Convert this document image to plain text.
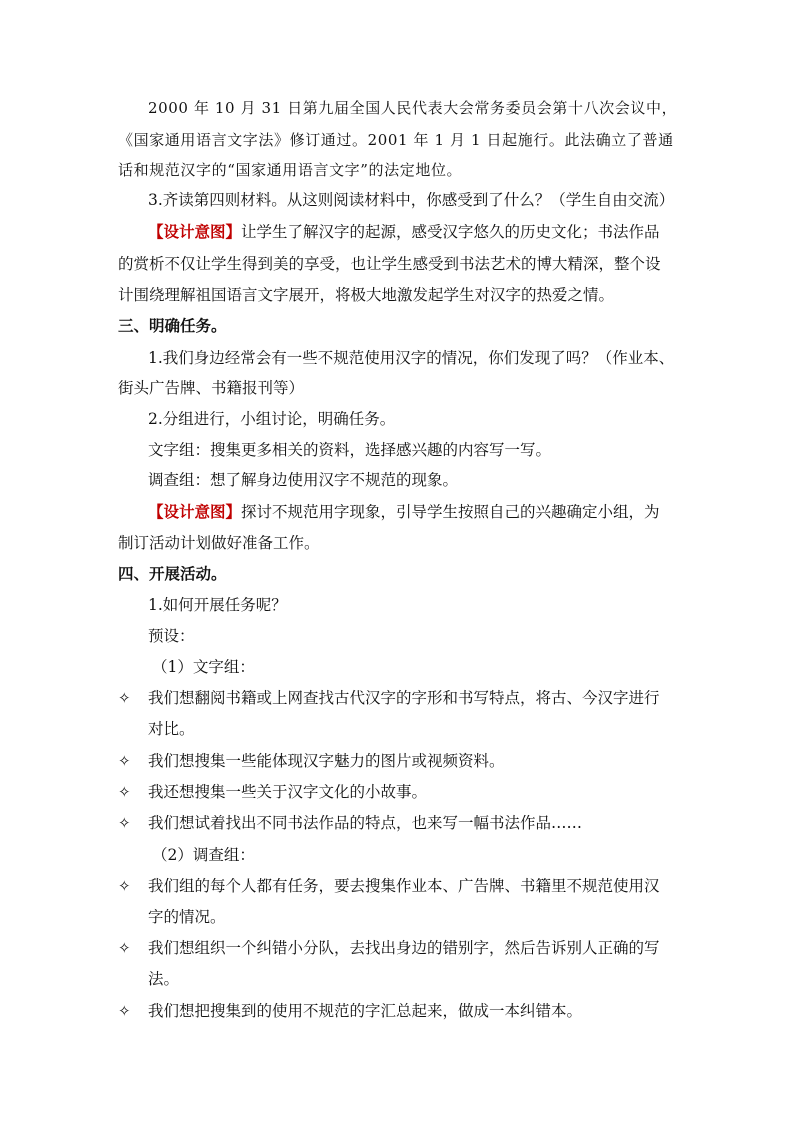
2000 年 10 月 31 日第九届全国人民代表大会常务委员会第十八次会议中，
《国家通用语言文字法》修订通过。2001 年 1 月 1 日起施行。此法确立了普通
话和规范汉字的“国家通用语言文字”的法定地位。
3.齐读第四则材料。从这则阅读材料中，你感受到了什么？（学生自由交流）
【设计意图】让学生了解汉字的起源，感受汉字悠久的历史文化；书法作品
的赏析不仅让学生得到美的享受，也让学生感受到书法艺术的博大精深，整个设
计围绕理解祖国语言文字展开，将极大地激发起学生对汉字的热爱之情。
三、明确任务。
1.我们身边经常会有一些不规范使用汉字的情况，你们发现了吗？（作业本、
街头广告牌、书籍报刊等）
2.分组进行，小组讨论，明确任务。
文字组：搜集更多相关的资料，选择感兴趣的内容写一写。
调查组：想了解身边使用汉字不规范的现象。
【设计意图】探讨不规范用字现象，引导学生按照自己的兴趣确定小组，为
制订活动计划做好准备工作。
四、开展活动。
1.如何开展任务呢？
预设：
（1）文字组：
✧ 我们想翻阅书籍或上网查找古代汉字的字形和书写特点，将古、今汉字进行
对比。
✧ 我们想搜集一些能体现汉字魅力的图片或视频资料。
✧ 我还想搜集一些关于汉字文化的小故事。
✧ 我们想试着找出不同书法作品的特点，也来写一幅书法作品……
（2）调查组：
✧ 我们组的每个人都有任务，要去搜集作业本、广告牌、书籍里不规范使用汉
字的情况。
✧ 我们想组织一个纠错小分队，去找出身边的错别字，然后告诉别人正确的写
法。
✧ 我们想把搜集到的使用不规范的字汇总起来，做成一本纠错本。
